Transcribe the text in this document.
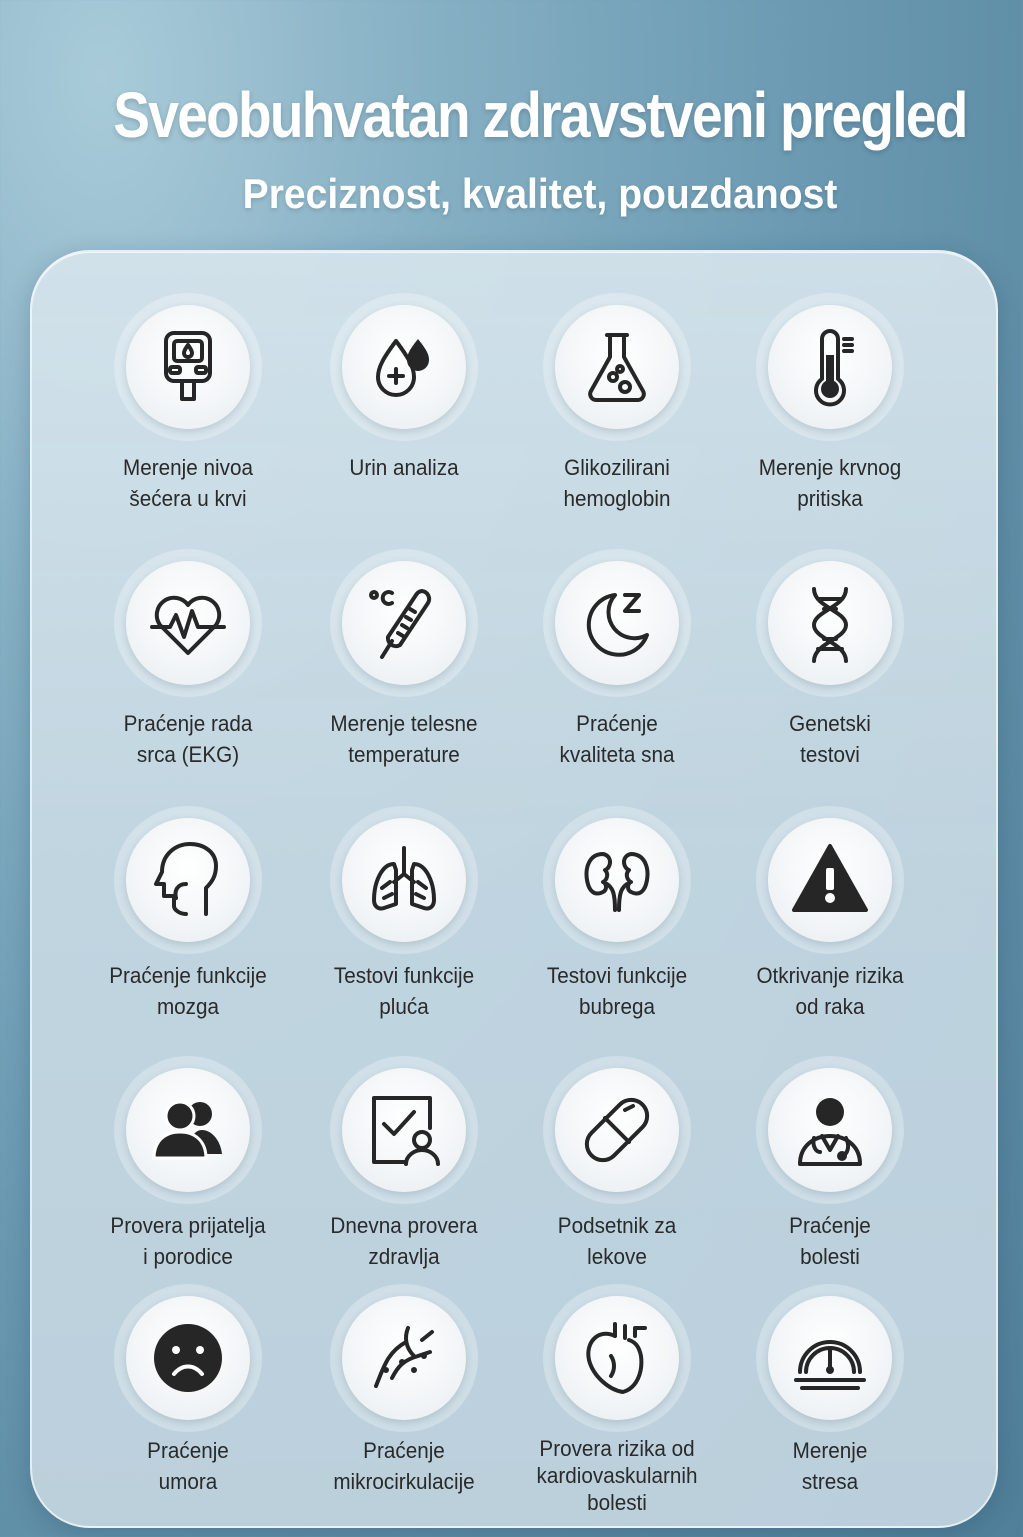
Sveobuhvatan zdravstveni pregled
Preciznost, kvalitet, pouzdanost
Merenje nivoa
šećera u krvi
Urin analiza	Glikozilirani
hemoglobin
Merenje krvnog
pritiska
Praćenje rada
srca (EKG)
Merenje telesne
temperature
Praćenje
kvaliteta sna
Genetski
testovi
Praćenje funkcije
mozga
Testovi funkcije
pluća
Testovi funkcije
bubrega
Otkrivanje rizika
od raka
Provera prijatelja
i porodice
Dnevna provera
zdravlja
Podsetnik za
lekove
Praćenje
bolesti
Praćenje
umora
Praćenje
mikrocirkulacije
Provera rizika od
kardiovaskularnih
bolesti
Merenje
stresa
